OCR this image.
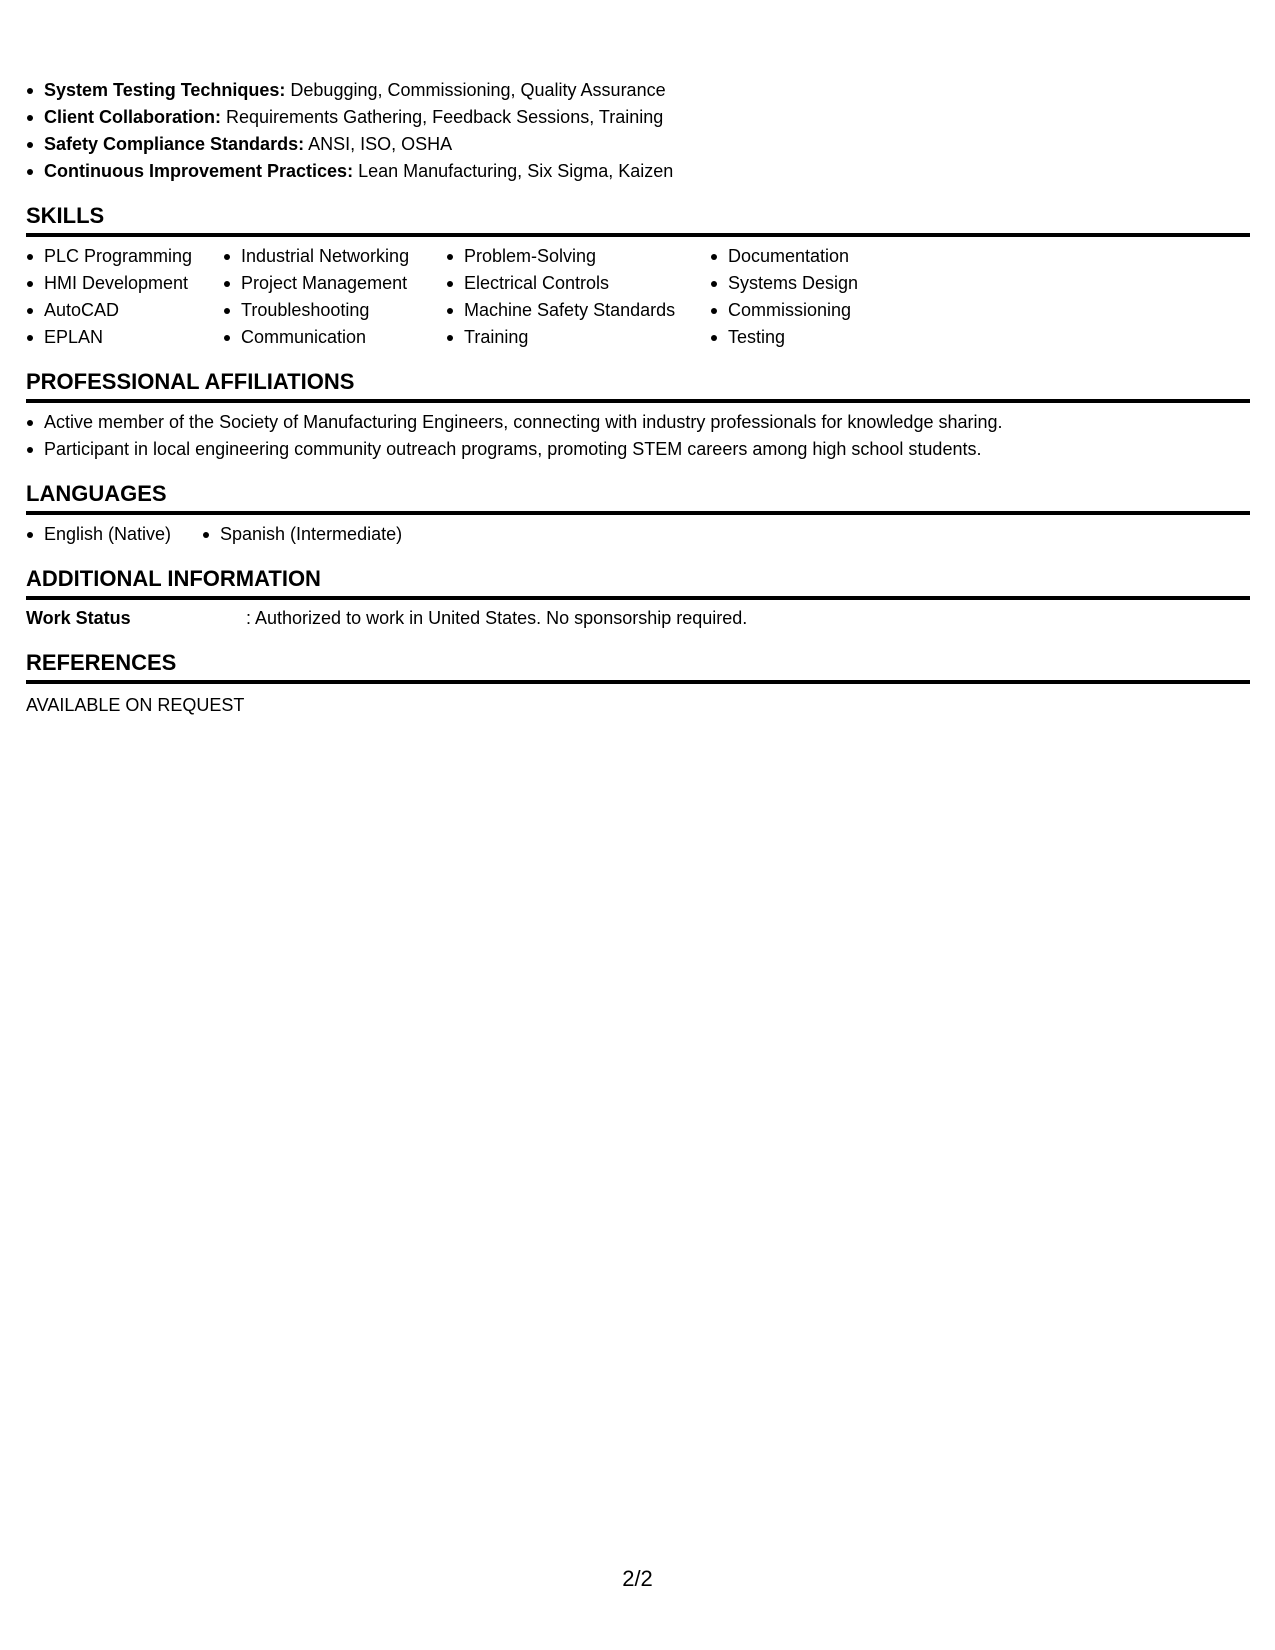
System Testing Techniques: Debugging, Commissioning, Quality Assurance
Client Collaboration: Requirements Gathering, Feedback Sessions, Training
Safety Compliance Standards: ANSI, ISO, OSHA
Continuous Improvement Practices: Lean Manufacturing, Six Sigma, Kaizen
SKILLS
PLC Programming
HMI Development
AutoCAD
EPLAN
Industrial Networking
Project Management
Troubleshooting
Communication
Problem-Solving
Electrical Controls
Machine Safety Standards
Training
Documentation
Systems Design
Commissioning
Testing
PROFESSIONAL AFFILIATIONS
Active member of the Society of Manufacturing Engineers, connecting with industry professionals for knowledge sharing.
Participant in local engineering community outreach programs, promoting STEM careers among high school students.
LANGUAGES
English (Native)	Spanish (Intermediate)
ADDITIONAL INFORMATION
Work Status	: Authorized to work in United States. No sponsorship required.
REFERENCES
AVAILABLE ON REQUEST
2/2
